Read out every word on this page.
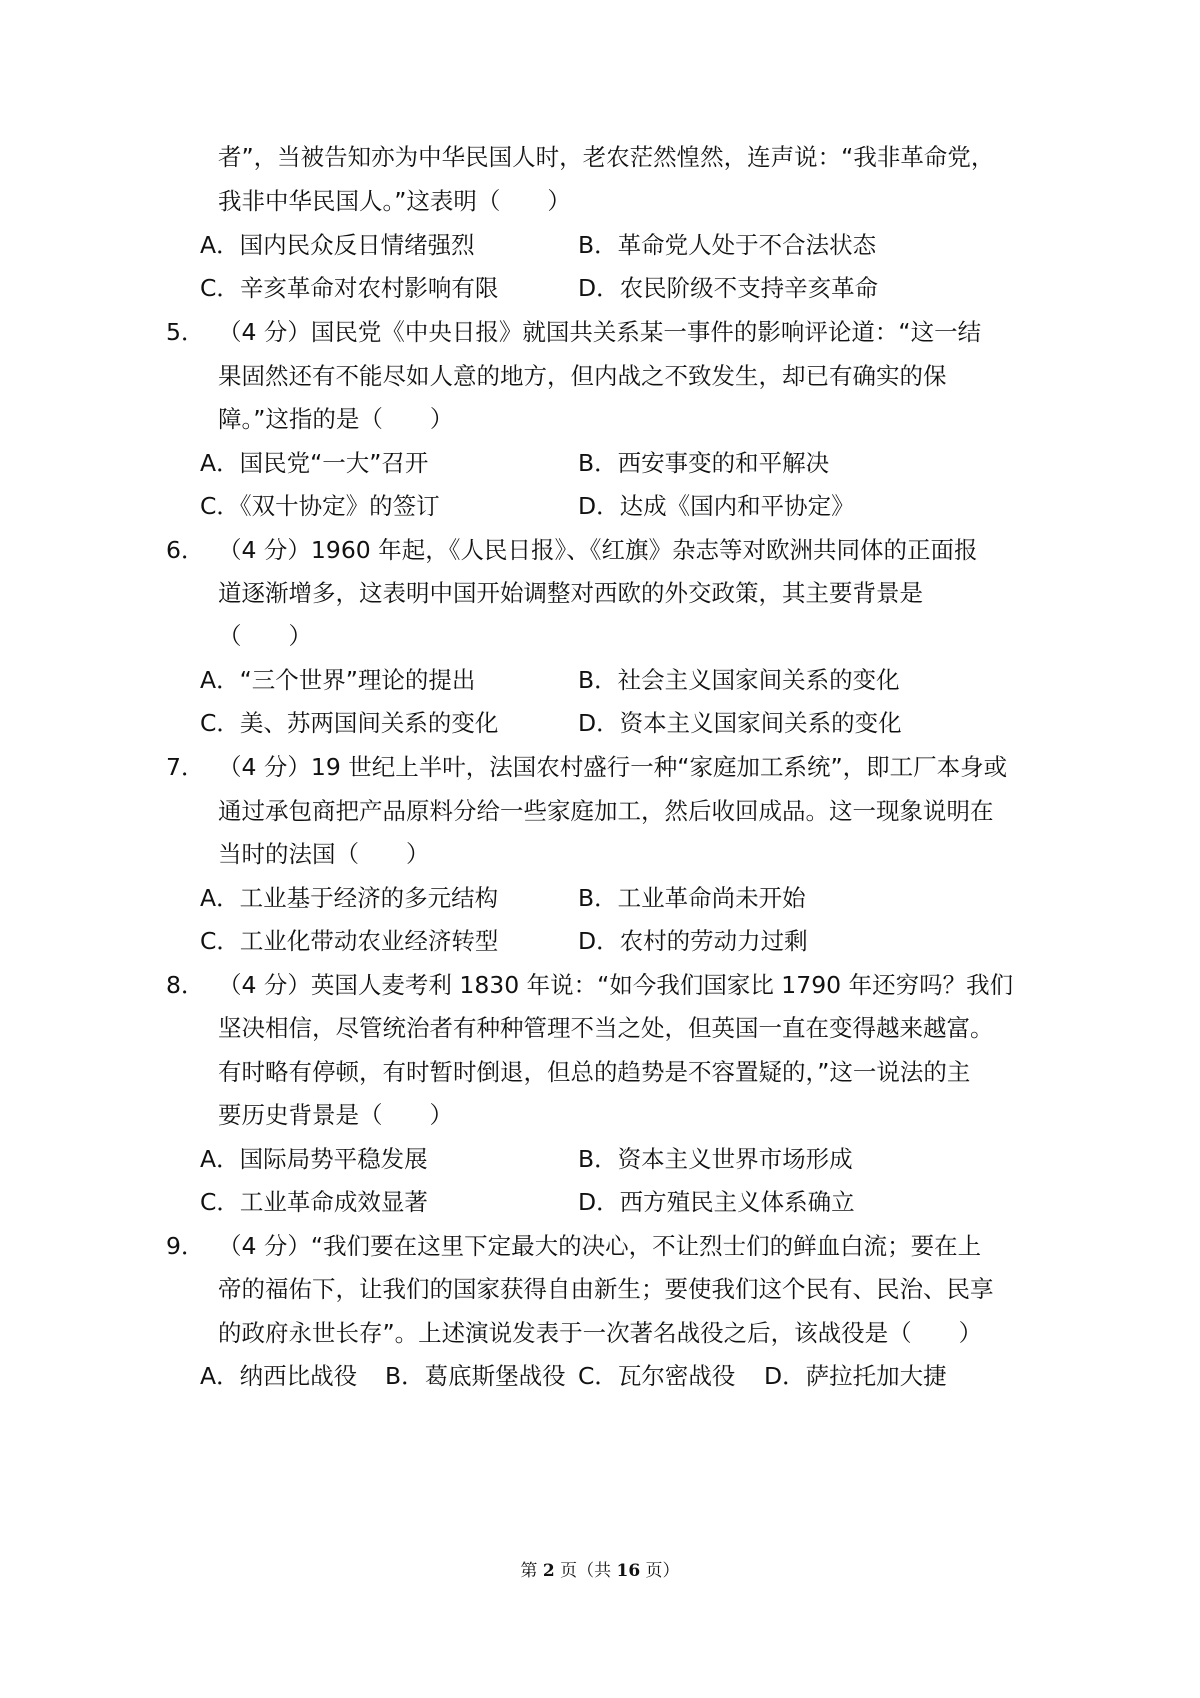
者”，当被告知亦为中华民国人时，老农茫然惶然，连声说：“我非革命党，
我非中华民国人。”这表明（　　）
A．国内民众反日情绪强烈	B．革命党人处于不合法状态
C．辛亥革命对农村影响有限	D．农民阶级不支持辛亥革命
5． （4 分）国民党《中央日报》就国共关系某一事件的影响评论道：“这一结
果固然还有不能尽如人意的地方，但内战之不致发生，却已有确实的保
障。”这指的是（　　）
A．国民党“一大”召开	B．西安事变的和平解决
C．《双十协定》的签订	D．达成《国内和平协定》
6． （4 分）1960 年起，《人民日报》、《红旗》杂志等对欧洲共同体的正面报
道逐渐增多，这表明中国开始调整对西欧的外交政策，其主要背景是
（　　）
A．“三个世界”理论的提出	B．社会主义国家间关系的变化
C．美、苏两国间关系的变化	D．资本主义国家间关系的变化
7． （4 分）19 世纪上半叶，法国农村盛行一种“家庭加工系统”，即工厂本身或
通过承包商把产品原料分给一些家庭加工，然后收回成品。这一现象说明在
当时的法国（　　）
A．工业基于经济的多元结构	B．工业革命尚未开始
C．工业化带动农业经济转型	D．农村的劳动力过剩
8． （4 分）英国人麦考利 1830 年说：“如今我们国家比 1790 年还穷吗？我们
坚决相信，尽管统治者有种种管理不当之处，但英国一直在变得越来越富。
有时略有停顿，有时暂时倒退，但总的趋势是不容置疑的，”这一说法的主
要历史背景是（　　）
A．国际局势平稳发展	B．资本主义世界市场形成
C．工业革命成效显著	D．西方殖民主义体系确立
9． （4 分）“我们要在这里下定最大的决心，不让烈士们的鲜血白流；要在上
帝的福佑下，让我们的国家获得自由新生；要使我们这个民有、民治、民享
的政府永世长存”。上述演说发表于一次著名战役之后，该战役是（　　）
A．纳西比战役 B．葛底斯堡战役 C．瓦尔密战役 D．萨拉托加大捷
第 2 页（共 16 页）
